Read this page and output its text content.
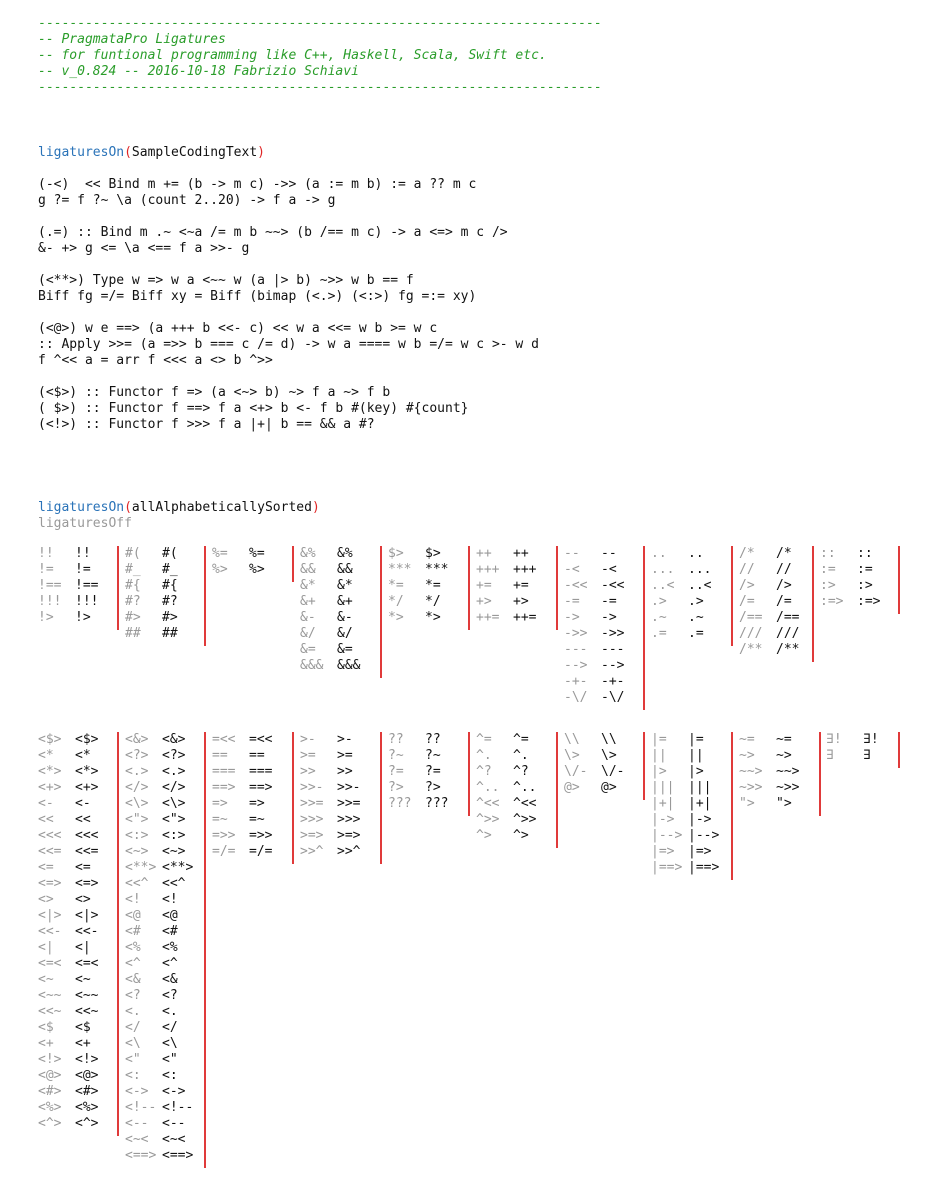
------------------------------------------------------------------------
-- PragmataPro Ligatures
-- for funtional programming like C++, Haskell, Scala, Swift etc.
-- v_0.824 -- 2016-10-18 Fabrizio Schiavi
------------------------------------------------------------------------
ligaturesOn(SampleCodingText)
(-<)  << Bind m += (b -> m c) ->> (a := m b) := a ?? m c
g ?= f ?~ \a (count 2..20) -> f a -> g
(.=) :: Bind m .~ <~a /= m b ~~> (b /== m c) -> a <=> m c />
&- +> g <= \a <== f a >>- g
(<**>) Type w => w a <~~ w (a |> b) ~>> w b == f
Biff fg =/= Biff xy = Biff (bimap (<.>) (<:>) fg =:= xy)
(<@>) w e ==> (a +++ b <<- c) << w a <<= w b >= w c
:: Apply >>= (a =>> b === c /= d) -> w a ==== w b =/= w c >- w d
f ^<< a = arr f <<< a <> b ^>>
(<$>) :: Functor f => (a <~> b) ~> f a ~> f b
( $>) :: Functor f ==> f a <+> b <- f b #(key) #{count}
(<!>) :: Functor f >>> f a |+| b == && a #?
ligaturesOn(allAlphabeticallySorted)
ligaturesOff
!! !!
!= !=
!== !==
!!! !!!
!> !>
#( #(
#_ #_
#{ #{
#? #?
#> #>
## ##
%= %=
%> %>
&% &%
&& &&
&* &*
&+ &+
&- &-
&/ &/
&= &=
&&& &&&
$> $>
*** ***
*= *=
*/ */
*> *>
++ ++
+++ +++
+= +=
+> +>
++= ++=
-- --
-< -<
-<< -<<
-= -=
-> ->
->> ->>
--- ---
--> -->
-+- -+-
-\/ -\/
.. ..
... ...
..< ..<
.> .>
.~ .~
.= .=
/* /*
// //
/> />
/= /=
/== /==
/// ///
/** /**
:: ::
:= :=
:> :>
:=> :=>
<$> <$>
<* <*
<*> <*>
<+> <+>
<- <-
<< <<
<<< <<<
<<= <<=
<= <=
<=> <=>
<> <>
<|> <|>
<<- <<-
<| <|
<=< <=<
<~ <~
<~~ <~~
<<~ <<~
<$ <$
<+ <+
<!> <!>
<@> <@>
<#> <#>
<%> <%>
<^> <^>
<&> <&>
<?> <?>
<.> <.>
</> </>
<\> <\>
<"> <">
<:> <:>
<~> <~>
<**> <**>
<<^ <<^
<! <!
<@ <@
<# <#
<% <%
<^ <^
<& <&
<? <?
<. <.
</ </
<\ <\
<" <"
<: <:
<-> <->
<!-- <!--
<-- <--
<~< <~<
<==> <==>
=<< =<<
== ==
=== ===
==> ==>
=> =>
=~ =~
=>> =>>
=/= =/=
>- >-
>= >=
>> >>
>>- >>-
>>= >>=
>>> >>>
>=> >=>
>>^ >>^
?? ??
?~ ?~
?= ?=
?> ?>
??? ???
^= ^=
^. ^.
^? ^?
^.. ^..
^<< ^<<
^>> ^>>
^> ^>
\\ \\
\> \>
\/- \/-
@> @>
|= |=
|| ||
|> |>
||| |||
|+| |+|
|-> |->
|--> |-->
|=> |=>
|==> |==>
~= ~=
~> ~>
~~> ~~>
~>> ~>>
"> ">
∃! ∃!
∃ ∃
